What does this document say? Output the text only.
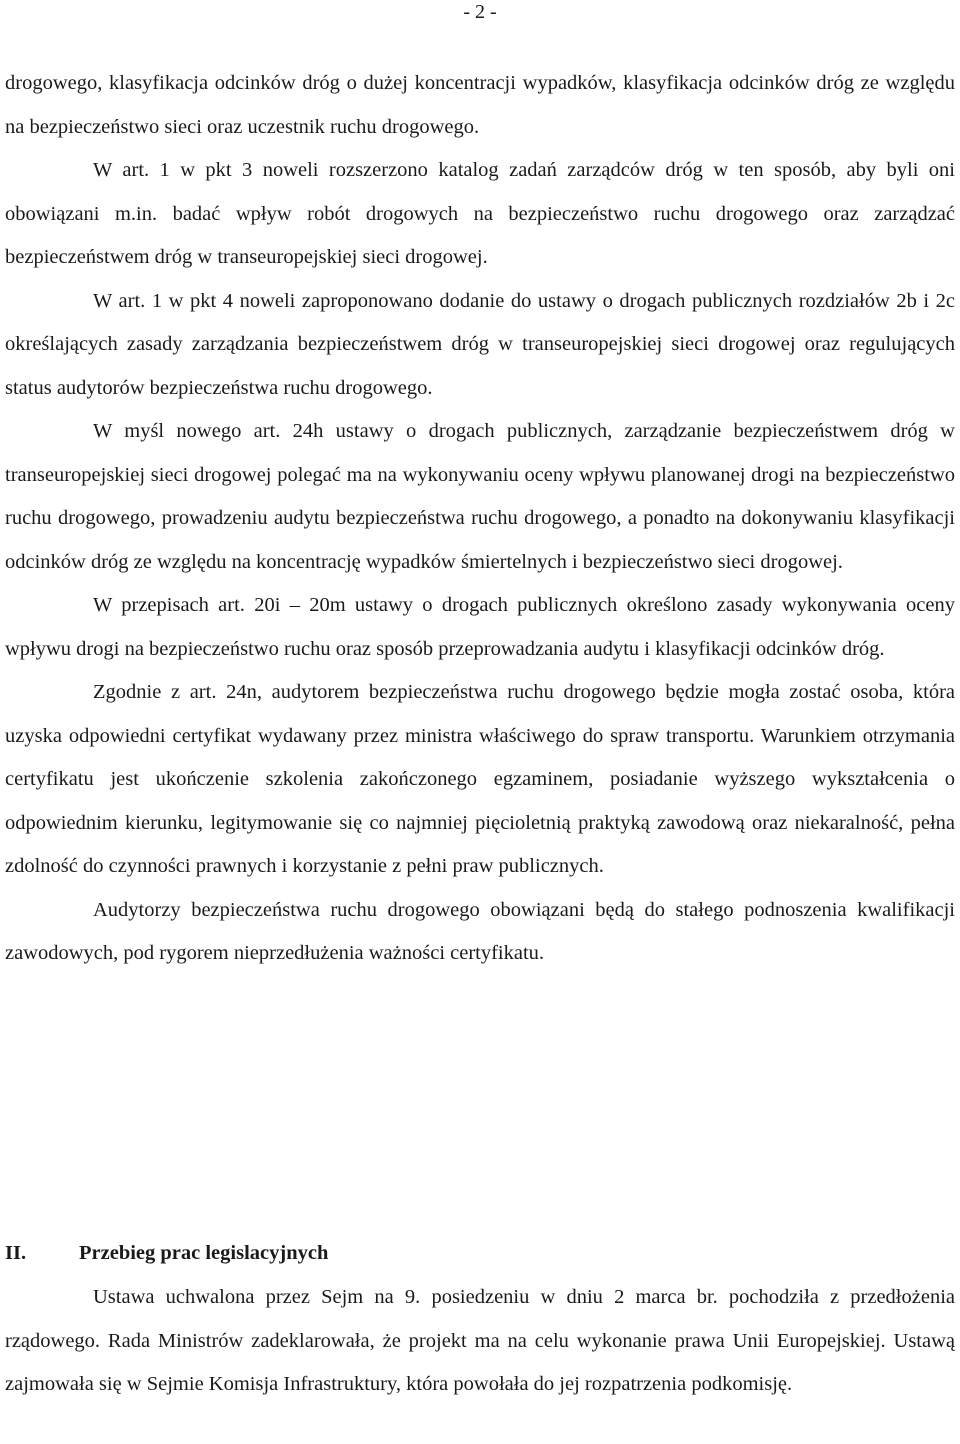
- 2 -

drogowego, klasyfikacja odcinków dróg o dużej koncentracji wypadków, klasyfikacja odcinków dróg ze względu na bezpieczeństwo sieci oraz uczestnik ruchu drogowego.

W art. 1 w pkt 3 noweli rozszerzono katalog zadań zarządców dróg w ten sposób, aby byli oni obowiązani m.in. badać wpływ robót drogowych na bezpieczeństwo ruchu drogowego oraz zarządzać bezpieczeństwem dróg w transeuropejskiej sieci drogowej.

W art. 1 w pkt 4 noweli zaproponowano dodanie do ustawy o drogach publicznych rozdziałów 2b i 2c określających zasady zarządzania bezpieczeństwem dróg w transeuropejskiej sieci drogowej oraz regulujących status audytorów bezpieczeństwa ruchu drogowego.

W myśl nowego art. 24h ustawy o drogach publicznych, zarządzanie bezpieczeństwem dróg w transeuropejskiej sieci drogowej polegać ma na wykonywaniu oceny wpływu planowanej drogi na bezpieczeństwo ruchu drogowego, prowadzeniu audytu bezpieczeństwa ruchu drogowego, a ponadto na dokonywaniu klasyfikacji odcinków dróg ze względu na koncentrację wypadków śmiertelnych i bezpieczeństwo sieci drogowej.

W przepisach art. 20i – 20m ustawy o drogach publicznych określono zasady wykonywania oceny wpływu drogi na bezpieczeństwo ruchu oraz sposób przeprowadzania audytu i klasyfikacji odcinków dróg.

Zgodnie z art. 24n, audytorem bezpieczeństwa ruchu drogowego będzie mogła zostać osoba, która uzyska odpowiedni certyfikat wydawany przez ministra właściwego do spraw transportu. Warunkiem otrzymania certyfikatu jest ukończenie szkolenia zakończonego egzaminem, posiadanie wyższego wykształcenia o odpowiednim kierunku, legitymowanie się co najmniej pięcioletnią praktyką zawodową oraz niekaralność, pełna zdolność do czynności prawnych i korzystanie z pełni praw publicznych.

Audytorzy bezpieczeństwa ruchu drogowego obowiązani będą do stałego podnoszenia kwalifikacji zawodowych, pod rygorem nieprzedłużenia ważności certyfikatu.

II.	Przebieg prac legislacyjnych

Ustawa uchwalona przez Sejm na 9. posiedzeniu w dniu 2 marca br. pochodziła z przedłożenia rządowego. Rada Ministrów zadeklarowała, że projekt ma na celu wykonanie prawa Unii Europejskiej. Ustawą zajmowała się w Sejmie Komisja Infrastruktury, która powołała do jej rozpatrzenia podkomisję.
